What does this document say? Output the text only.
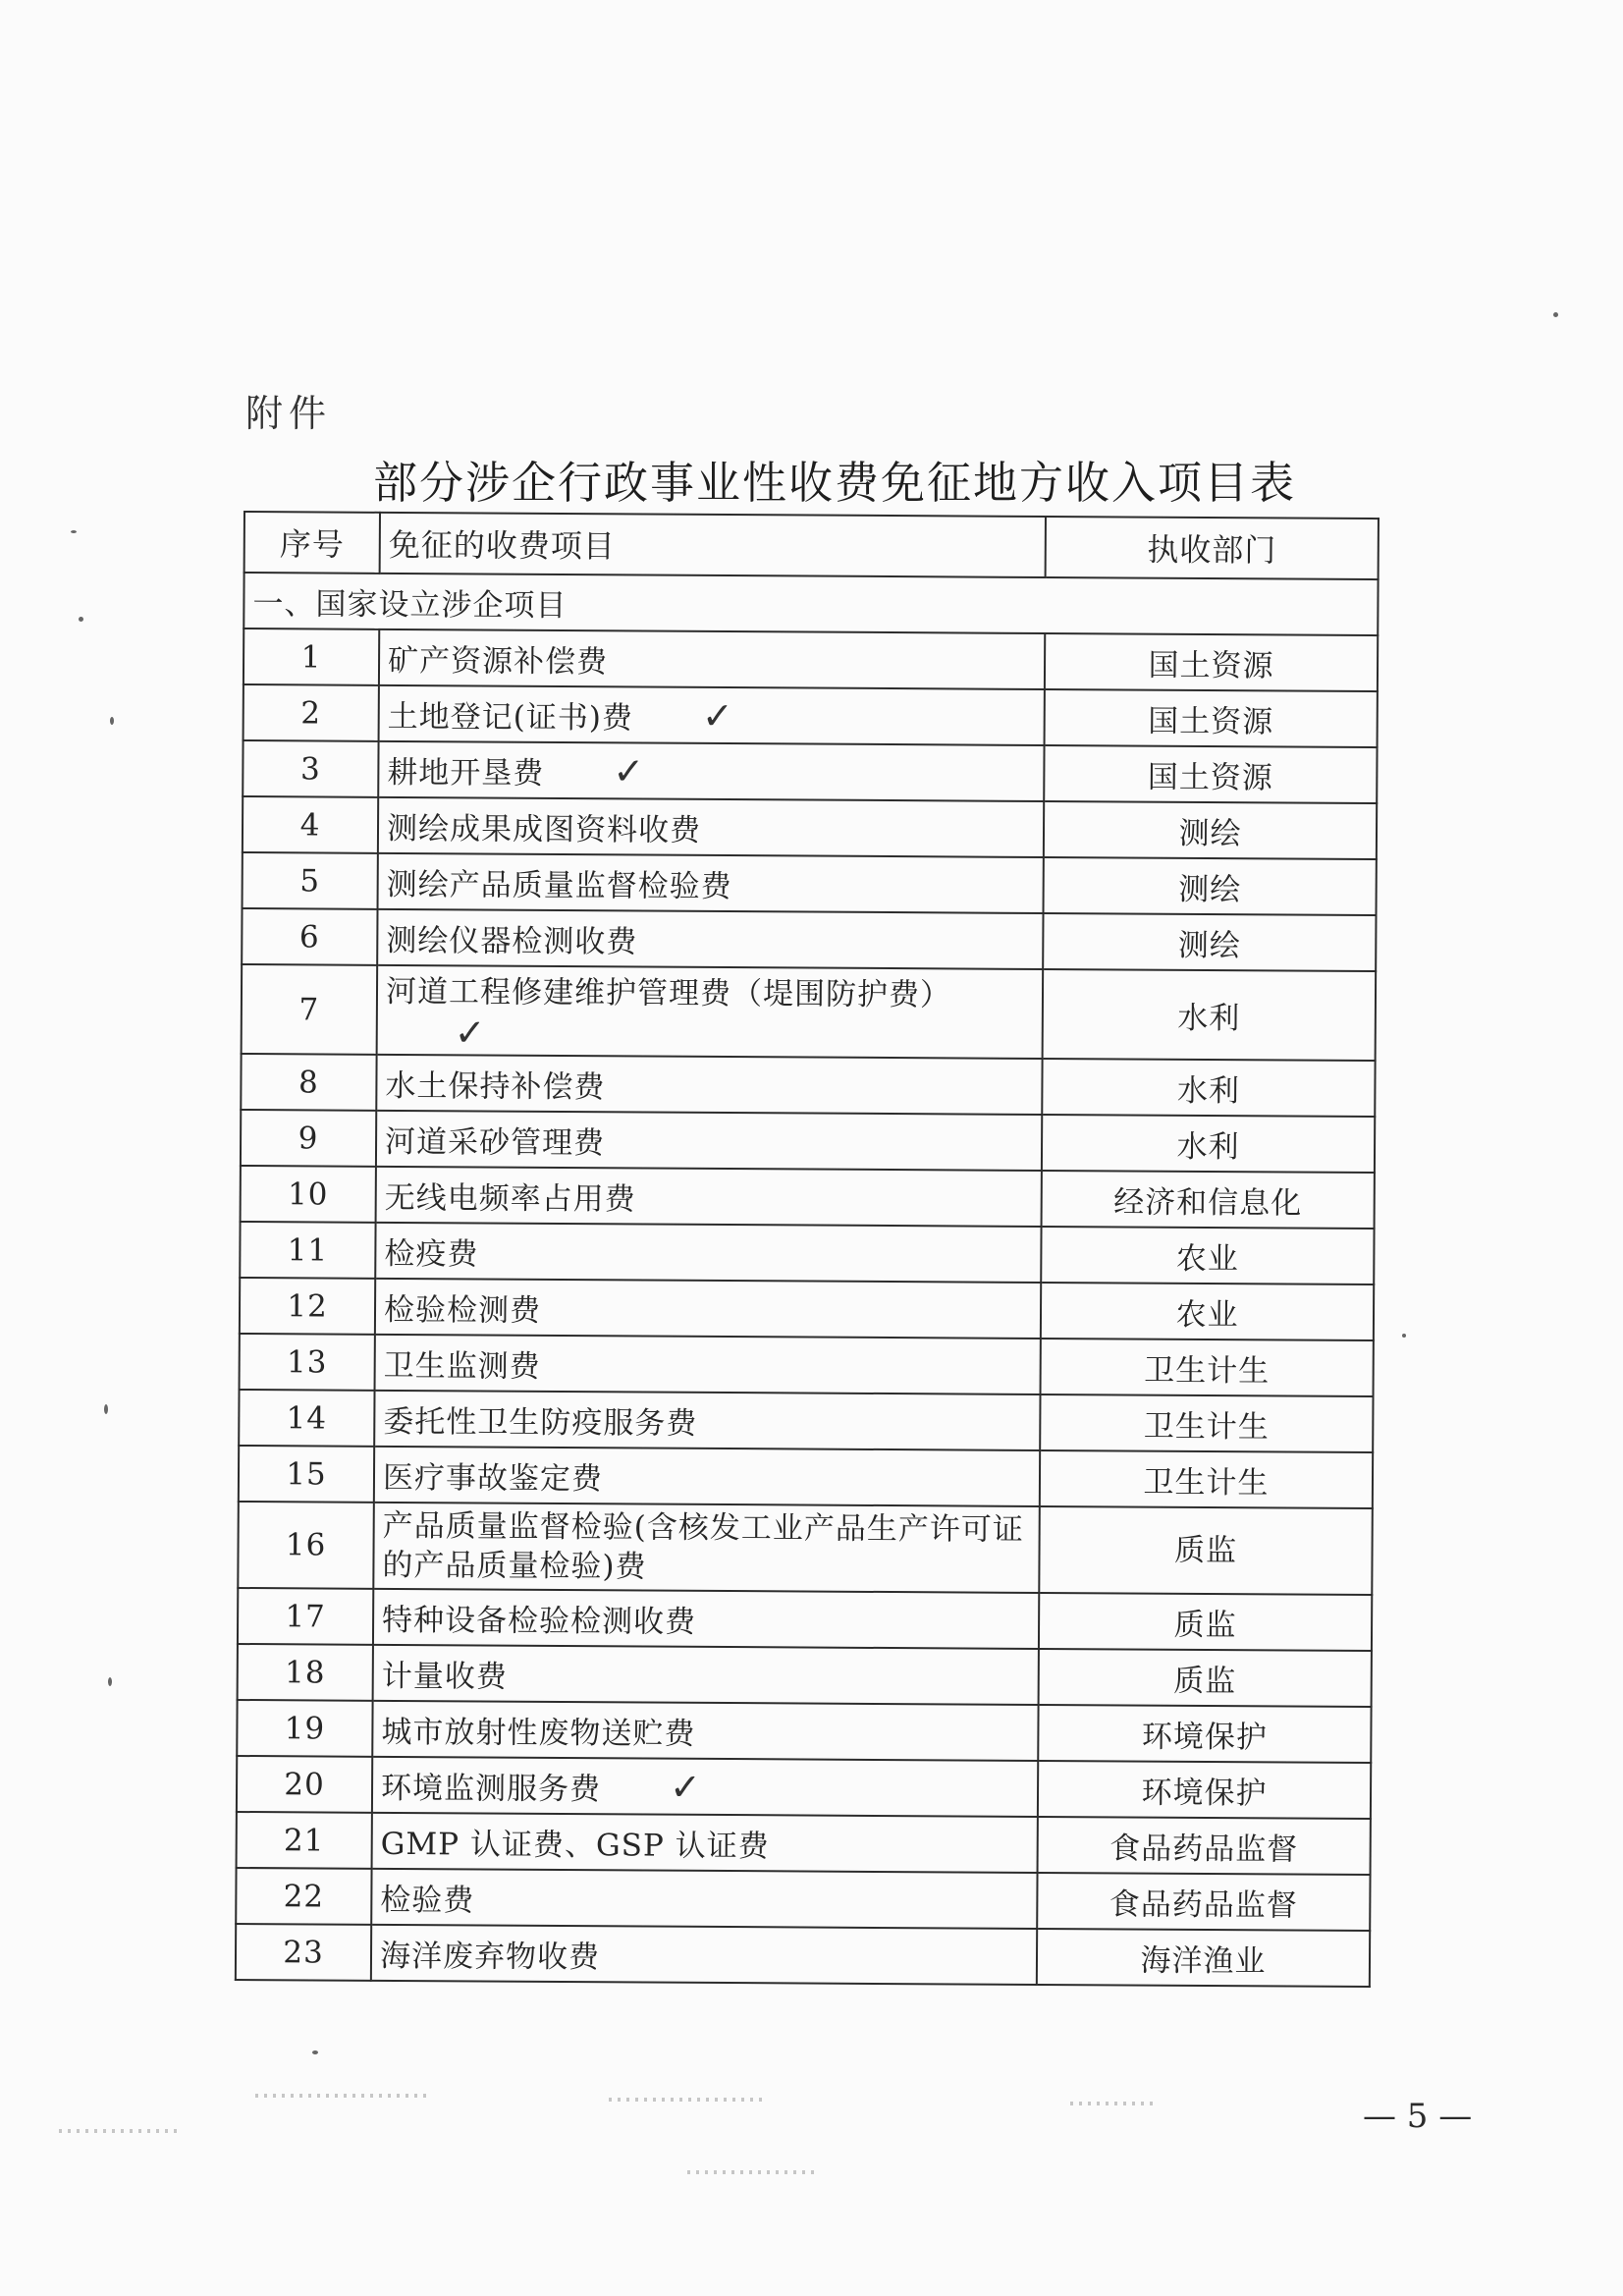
附件
部分涉企行政事业性收费免征地方收入项目表
序号	免征的收费项目	执收部门
一、国家设立涉企项目		
1	矿产资源补偿费	国土资源
2	土地登记(证书)费 ✓	国土资源
3	耕地开垦费 ✓	国土资源
4	测绘成果成图资料收费	测绘
5	测绘产品质量监督检验费	测绘
6	测绘仪器检测收费	测绘
7	河道工程修建维护管理费（堤围防护费）✓	水利
8	水土保持补偿费	水利
9	河道采砂管理费	水利
10	无线电频率占用费	经济和信息化
11	检疫费	农业
12	检验检测费	农业
13	卫生监测费	卫生计生
14	委托性卫生防疫服务费	卫生计生
15	医疗事故鉴定费	卫生计生
16	产品质量监督检验(含核发工业产品生产许可证的产品质量检验)费	质监
17	特种设备检验检测收费	质监
18	计量收费	质监
19	城市放射性废物送贮费	环境保护
20	环境监测服务费 ✓	环境保护
21	GMP 认证费、GSP 认证费	食品药品监督
22	检验费	食品药品监督
23	海洋废弃物收费	海洋渔业
— 5 —
